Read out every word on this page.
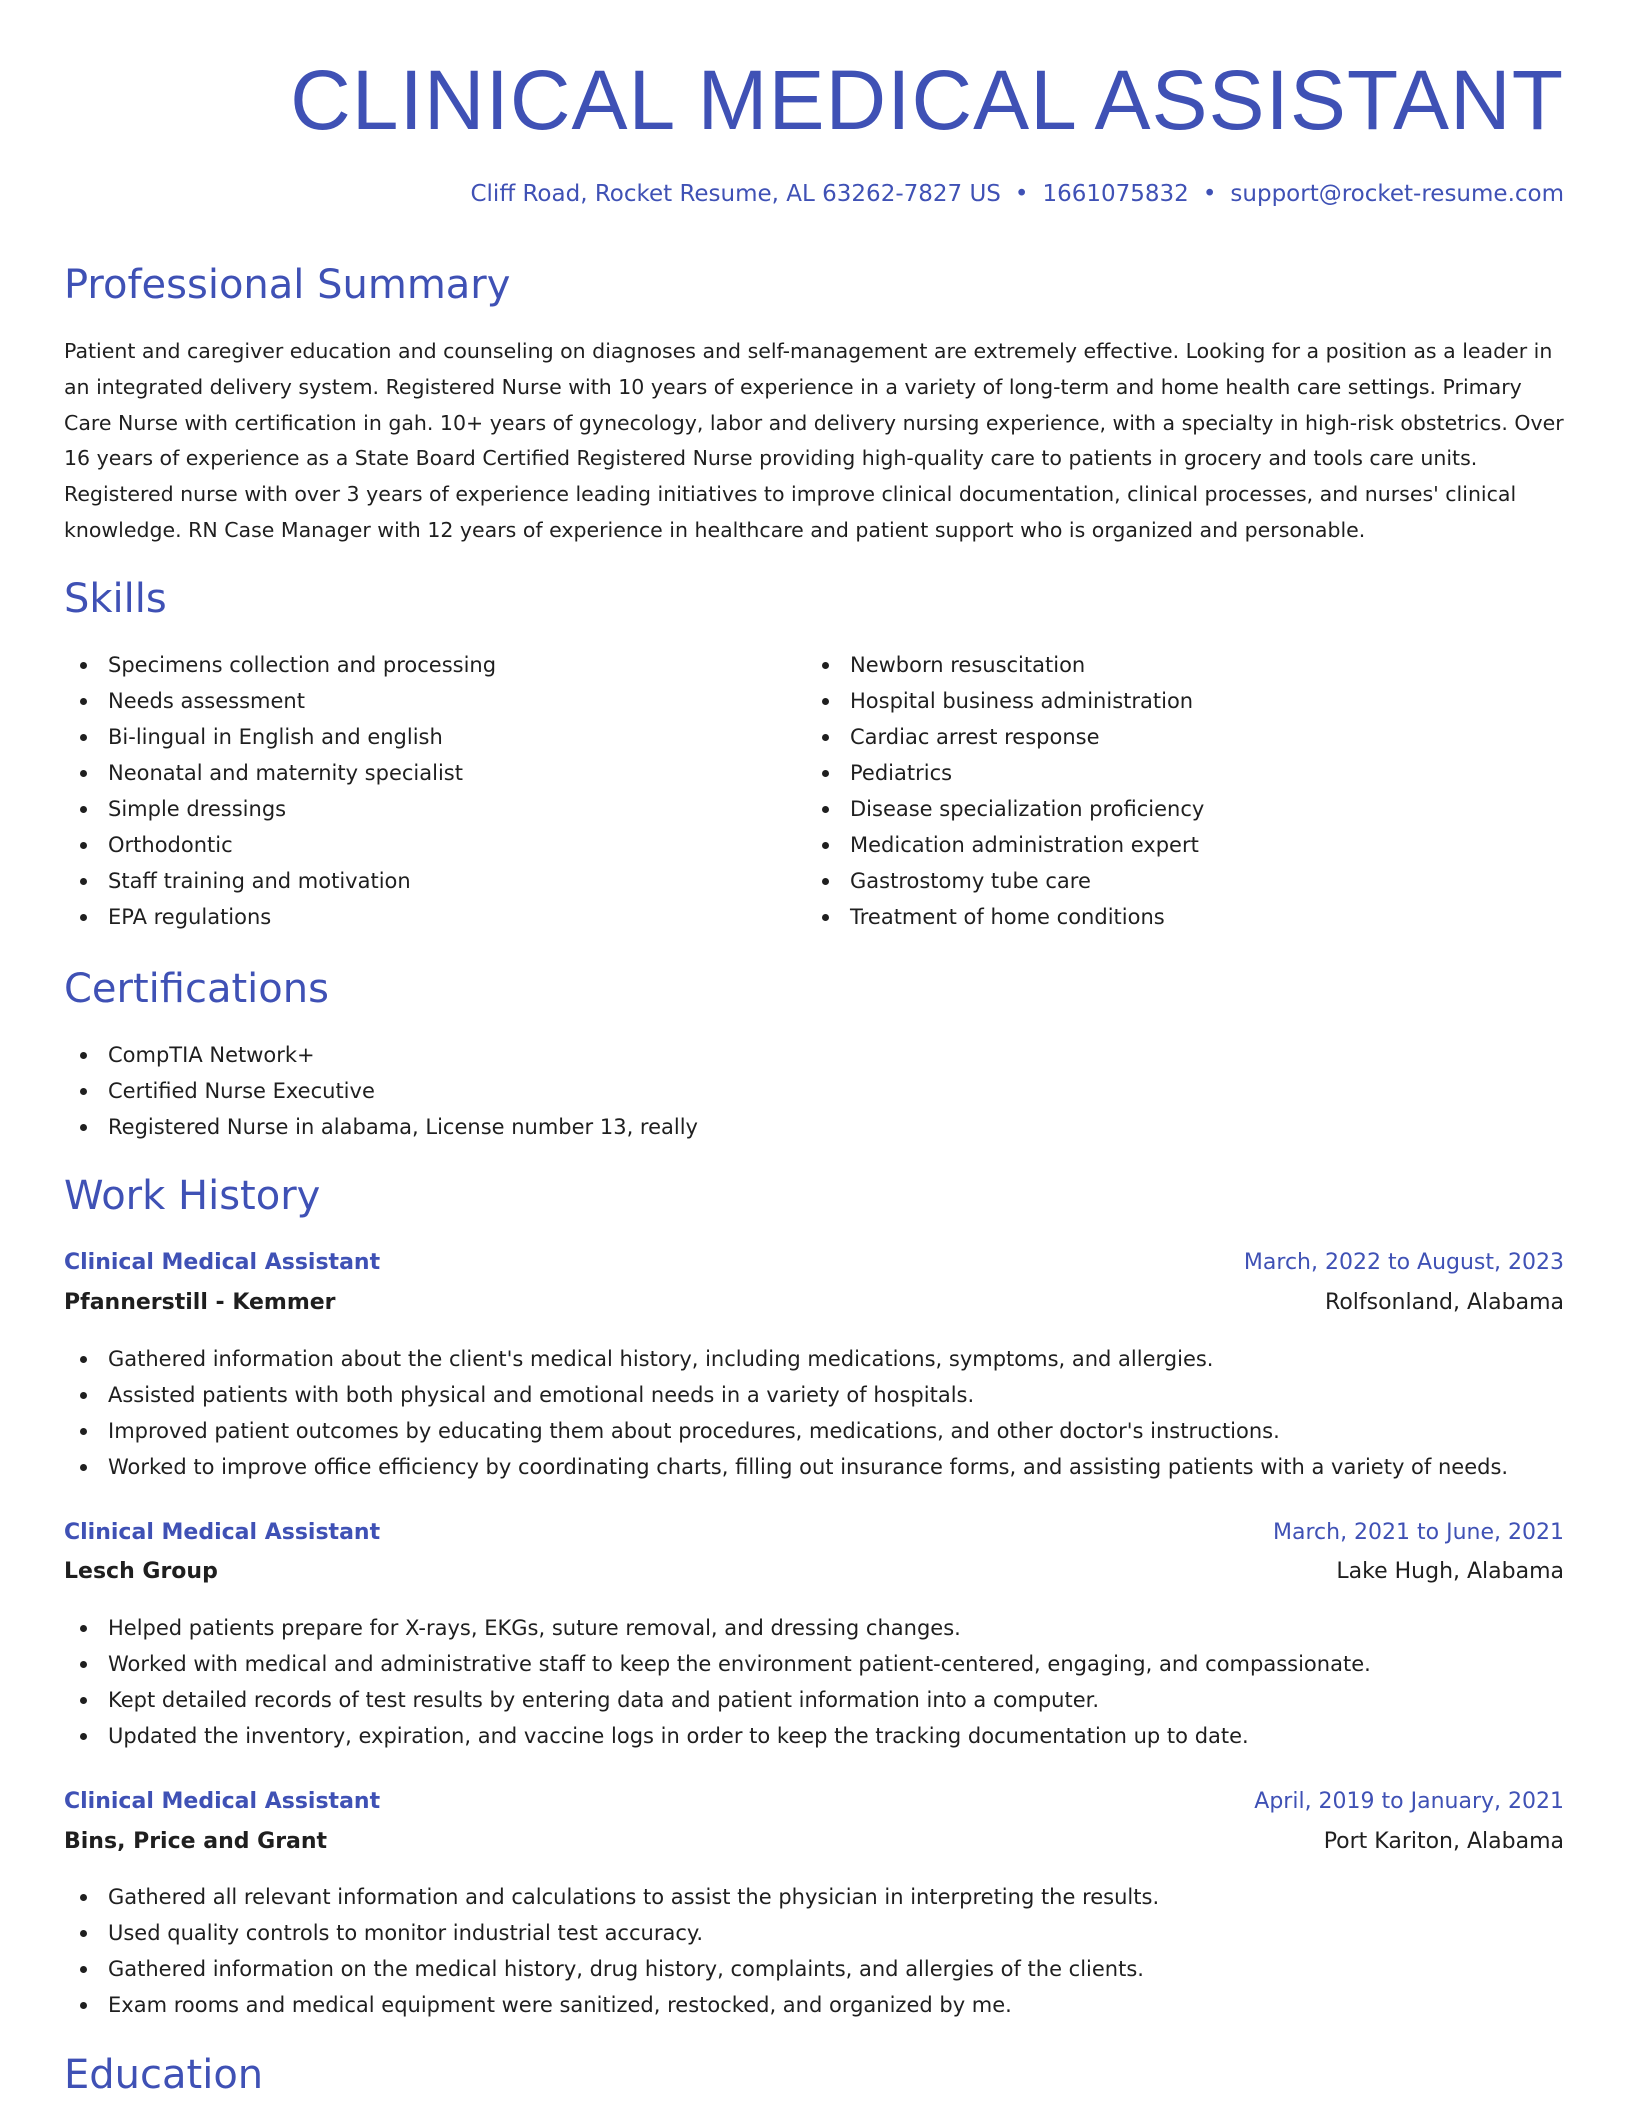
CLINICAL MEDICAL ASSISTANT
Cliff Road, Rocket Resume, AL 63262-7827 US • 1661075832 • support@rocket-resume.com
Professional Summary

Patient and caregiver education and counseling on diagnoses and self-management are extremely effective. Looking for a position as a leader in an integrated delivery system. Registered Nurse with 10 years of experience in a variety of long-term and home health care settings. Primary Care Nurse with certification in gah. 10+ years of gynecology, labor and delivery nursing experience, with a specialty in high-risk obstetrics. Over 16 years of experience as a State Board Certified Registered Nurse providing high-quality care to patients in grocery and tools care units. Registered nurse with over 3 years of experience leading initiatives to improve clinical documentation, clinical processes, and nurses' clinical knowledge. RN Case Manager with 12 years of experience in healthcare and patient support who is organized and personable.

Skills
Specimens collection and processing
Needs assessment
Bi-lingual in English and english
Neonatal and maternity specialist
Simple dressings
Orthodontic
Staff training and motivation
EPA regulations
Newborn resuscitation
Hospital business administration
Cardiac arrest response
Pediatrics
Disease specialization proficiency
Medication administration expert
Gastrostomy tube care
Treatment of home conditions
Certifications
CompTIA Network+
Certified Nurse Executive
Registered Nurse in alabama, License number 13, really
Work History
Clinical Medical Assistant	March, 2022 to August, 2023
Pfannerstill - Kemmer	Rolfsonland, Alabama
Gathered information about the client's medical history, including medications, symptoms, and allergies.
Assisted patients with both physical and emotional needs in a variety of hospitals.
Improved patient outcomes by educating them about procedures, medications, and other doctor's instructions.
Worked to improve office efficiency by coordinating charts, filling out insurance forms, and assisting patients with a variety of needs.
Clinical Medical Assistant	March, 2021 to June, 2021
Lesch Group	Lake Hugh, Alabama
Helped patients prepare for X-rays, EKGs, suture removal, and dressing changes.
Worked with medical and administrative staff to keep the environment patient-centered, engaging, and compassionate.
Kept detailed records of test results by entering data and patient information into a computer.
Updated the inventory, expiration, and vaccine logs in order to keep the tracking documentation up to date.
Clinical Medical Assistant	April, 2019 to January, 2021
Bins, Price and Grant	Port Kariton, Alabama
Gathered all relevant information and calculations to assist the physician in interpreting the results.
Used quality controls to monitor industrial test accuracy.
Gathered information on the medical history, drug history, complaints, and allergies of the clients.
Exam rooms and medical equipment were sanitized, restocked, and organized by me.
Education
